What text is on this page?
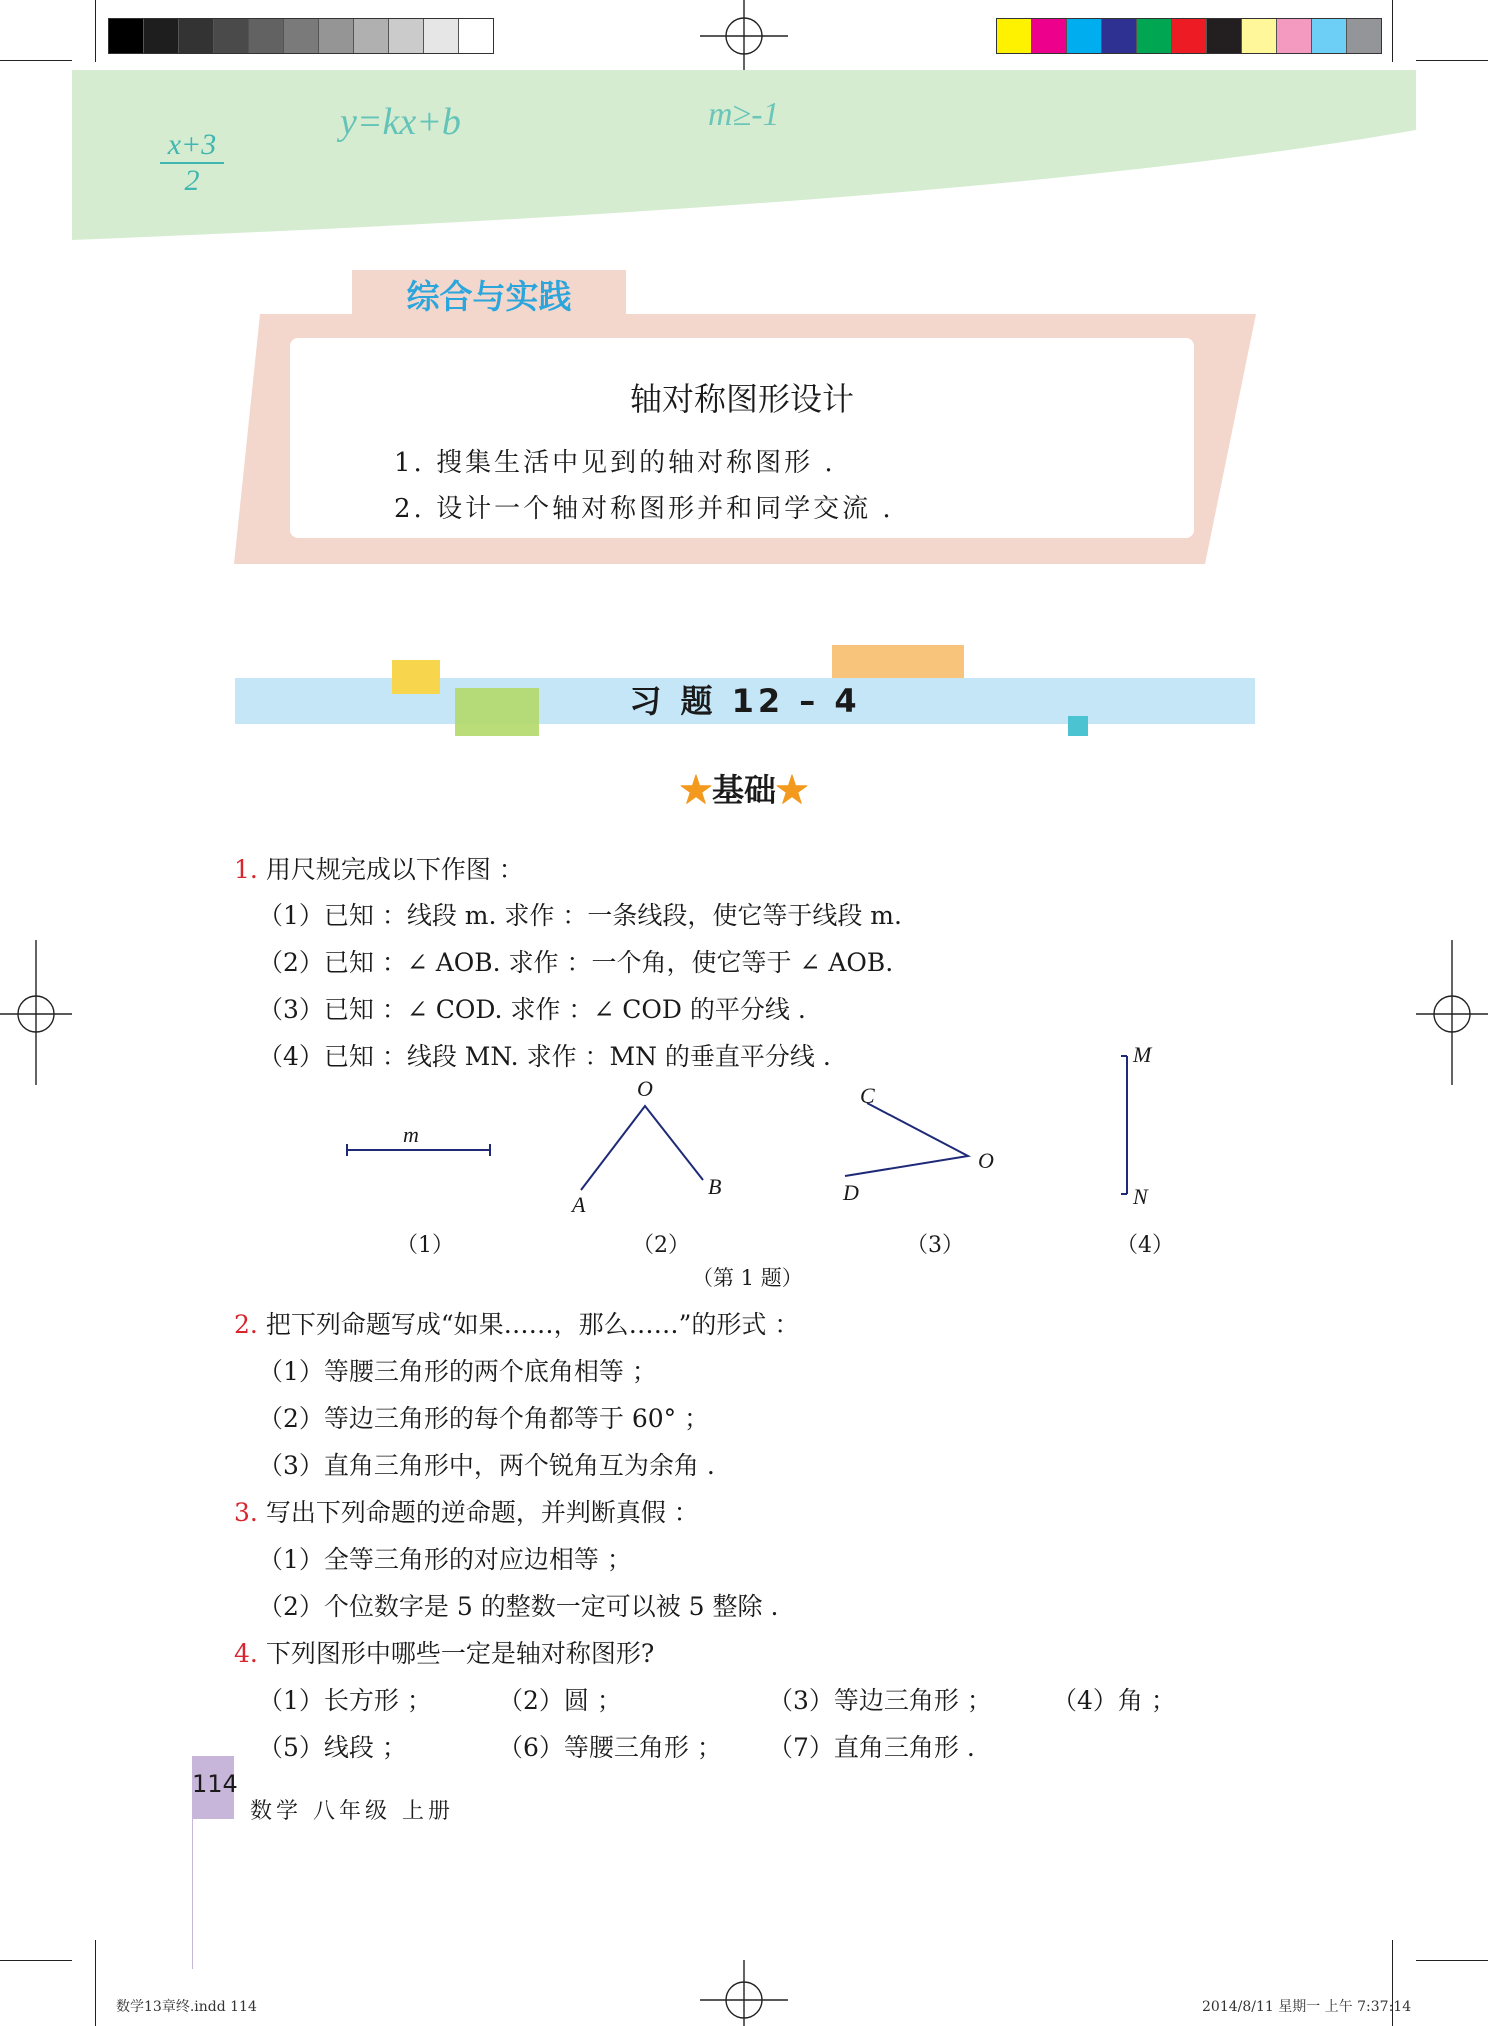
x+3
2
y=kx+b	m≥-1
综合与实践
轴对称图形设计
1. 搜集生活中见到的轴对称图形 .
2. 设计一个轴对称图形并和同学交流 .
习 题 12 – 4
★基础★
1. 用尺规完成以下作图 ：
（1）已知 ：线段 m. 求作 ：一条线段，使它等于线段 m.
（2）已知 ：∠ AOB. 求作 ：一个角，使它等于 ∠ AOB.
（3）已知 ：∠ COD. 求作 ：∠ COD 的平分线 .
（4）已知 ：线段 MN. 求作 ：MN 的垂直平分线 .
m
O
A
B
C
D
O
M
N
（1）	（2）	（3）	（4）
（第 1 题）
2. 把下列命题写成“如果……，那么……”的形式 ：
（1）等腰三角形的两个底角相等 ；
（2）等边三角形的每个角都等于 60° ；
（3）直角三角形中，两个锐角互为余角 .
3. 写出下列命题的逆命题，并判断真假 ：
（1）全等三角形的对应边相等 ；
（2）个位数字是 5 的整数一定可以被 5 整除 .
4. 下列图形中哪些一定是轴对称图形?
（1）长方形 ；	（2）圆 ；	（3）等边三角形 ； （4）角 ；
（5）线段 ；	（6）等腰三角形 ； （7）直角三角形 .
114
数学 八年级 上册
数学13章终.indd 114	2014/8/11 星期一 上午 7:37:14
